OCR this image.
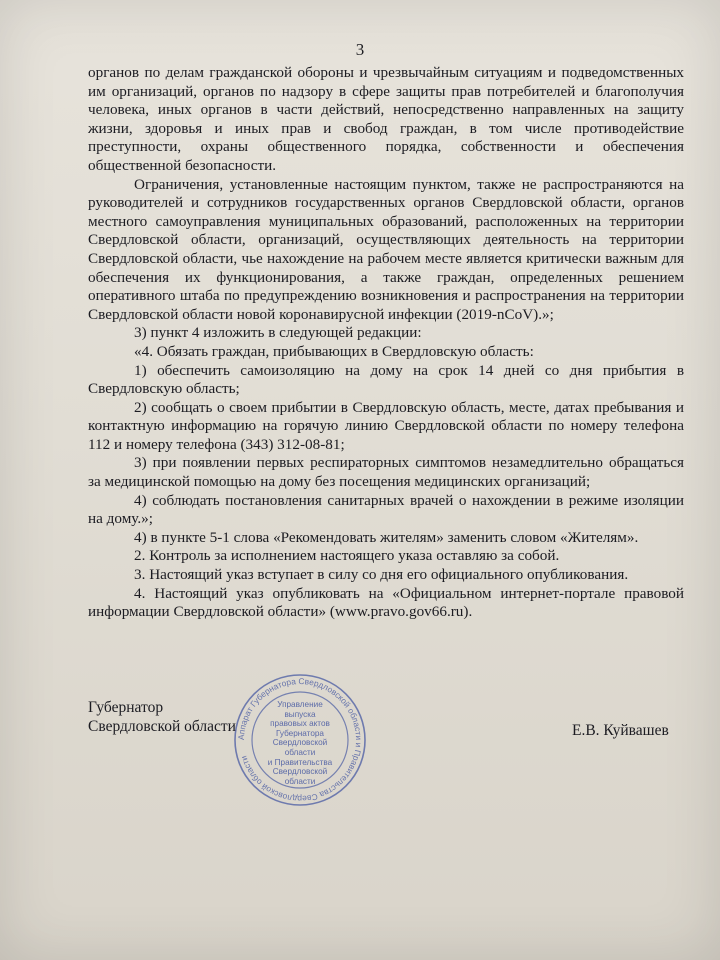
3

органов по делам гражданской обороны и чрезвычайным ситуациям и подведомственных им организаций, органов по надзору в сфере защиты прав потребителей и благополучия человека, иных органов в части действий, непосредственно направленных на защиту жизни, здоровья и иных прав и свобод граждан, в том числе противодействие преступности, охраны общественного порядка, собственности и обеспечения общественной безопасности.

Ограничения, установленные настоящим пунктом, также не распространяются на руководителей и сотрудников государственных органов Свердловской области, органов местного самоуправления муниципальных образований, расположенных на территории Свердловской области, организаций, осуществляющих деятельность на территории Свердловской области, чье нахождение на рабочем месте является критически важным для обеспечения их функционирования, а также граждан, определенных решением оперативного штаба по предупреждению возникновения и распространения на территории Свердловской области новой коронавирусной инфекции (2019-nCoV).»;

3) пункт 4 изложить в следующей редакции:

«4. Обязать граждан, прибывающих в Свердловскую область:

1) обеспечить самоизоляцию на дому на срок 14 дней со дня прибытия в Свердловскую область;

2) сообщать о своем прибытии в Свердловскую область, месте, датах пребывания и контактную информацию на горячую линию Свердловской области по номеру телефона 112 и номеру телефона (343) 312-08-81;

3) при появлении первых респираторных симптомов незамедлительно обращаться за медицинской помощью на дому без посещения медицинских организаций;

4) соблюдать постановления санитарных врачей о нахождении в режиме изоляции на дому.»;

4) в пункте 5-1 слова «Рекомендовать жителям» заменить словом «Жителям».

2. Контроль за исполнением настоящего указа оставляю за собой.

3. Настоящий указ вступает в силу со дня его официального опубликования.

4. Настоящий указ опубликовать на «Официальном интернет-портале правовой информации Свердловской области» (www.pravo.gov66.ru).

Аппарат Губернатора Свердловской области и Правительства Свердловской области
Управление
выпуска
правовых актов
Губернатора
Свердловской области
и Правительства
Свердловской
области
Губернатор
Свердловской области	Е.В. Куйвашев
